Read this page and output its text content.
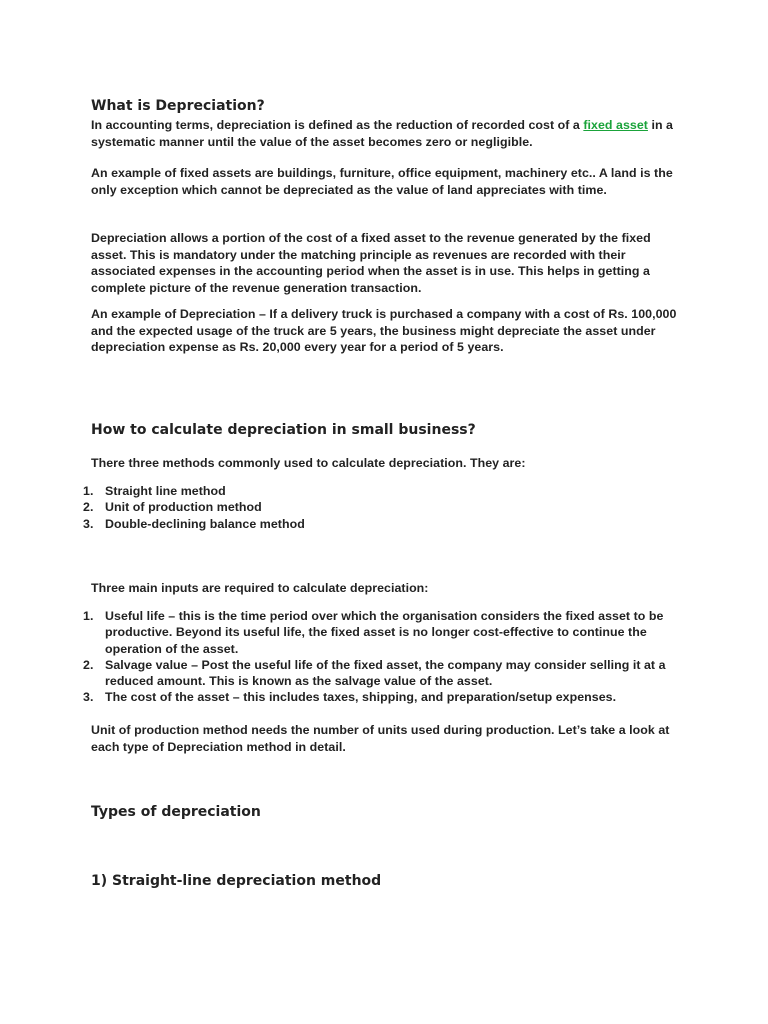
What is Depreciation?

In accounting terms, depreciation is defined as the reduction of recorded cost of a fixed asset in a systematic manner until the value of the asset becomes zero or negligible.

An example of fixed assets are buildings, furniture, office equipment, machinery etc.. A land is the only exception which cannot be depreciated as the value of land appreciates with time.

Depreciation allows a portion of the cost of a fixed asset to the revenue generated by the fixed asset. This is mandatory under the matching principle as revenues are recorded with their associated expenses in the accounting period when the asset is in use. This helps in getting a complete picture of the revenue generation transaction.

An example of Depreciation – If a delivery truck is purchased a company with a cost of Rs. 100,000 and the expected usage of the truck are 5 years, the business might depreciate the asset under depreciation expense as Rs. 20,000 every year for a period of 5 years.

How to calculate depreciation in small business?

There three methods commonly used to calculate depreciation. They are:

1. Straight line method
2. Unit of production method
3. Double-declining balance method

Three main inputs are required to calculate depreciation:

1. Useful life – this is the time period over which the organisation considers the fixed asset to be productive. Beyond its useful life, the fixed asset is no longer cost-effective to continue the operation of the asset.
2. Salvage value – Post the useful life of the fixed asset, the company may consider selling it at a reduced amount. This is known as the salvage value of the asset.
3. The cost of the asset – this includes taxes, shipping, and preparation/setup expenses.

Unit of production method needs the number of units used during production. Let’s take a look at each type of Depreciation method in detail.

Types of depreciation
1) Straight-line depreciation method
